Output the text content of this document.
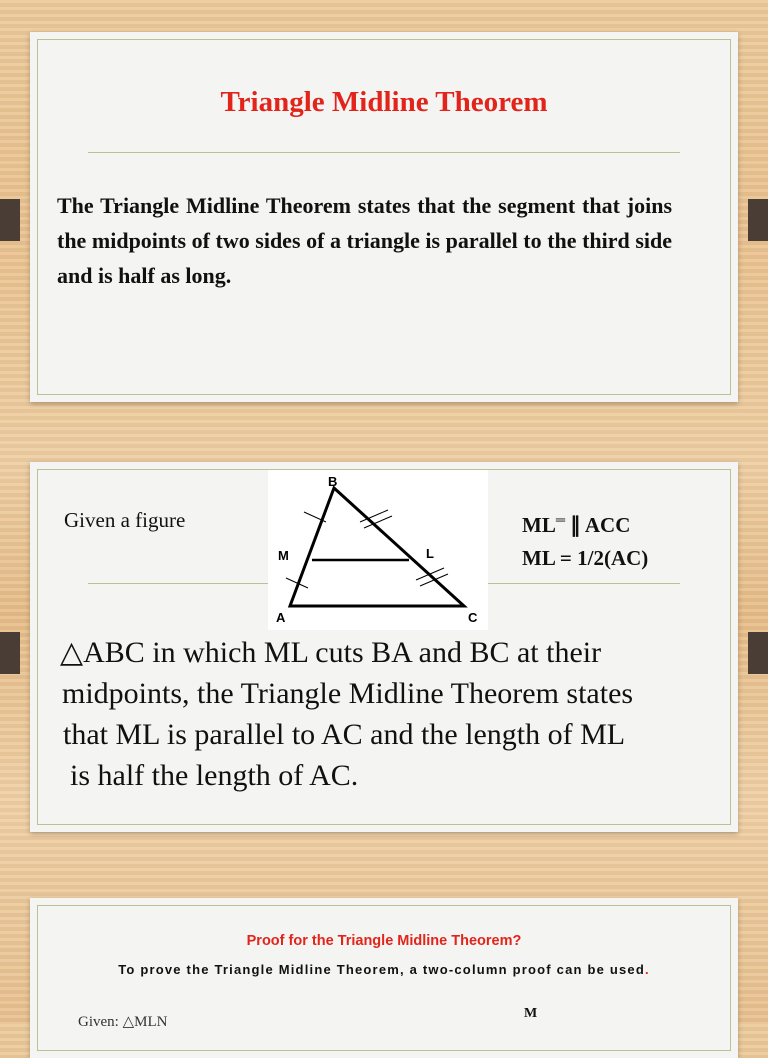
Triangle Midline Theorem
The Triangle Midline Theorem states that the segment that joins the midpoints of two sides of a triangle is parallel to the third side and is half as long.
Given a figure
B
M	L
A	C
ML═ ∥ ACC
ML = 1/2(AC)
△ABC in which ML cuts BA and BC at their
midpoints, the Triangle Midline Theorem states
that ML is parallel to AC and the length of ML
is half the length of AC.
Proof for the Triangle Midline Theorem?
To prove the Triangle Midline Theorem, a two-column proof can be used.
Given: △MLN
M
